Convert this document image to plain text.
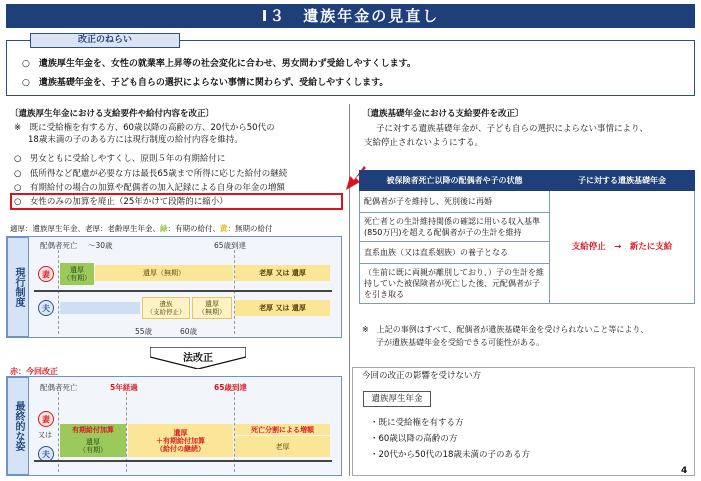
Ⅰ３　遺族年金の見直し
改正のねらい
○　遺族厚生年金を、女性の就業率上昇等の社会変化に合わせ、男女問わず受給しやすくします。
○　遺族基礎年金を、子ども自らの選択によらない事情に関わらず、受給しやすくします。
〔遺族厚生年金における支給要件や給付内容を改正〕
※　既に受給権を有する方、60歳以降の高齢の方、20代から50代の
18歳未満の子のある方には現行制度の給付内容を維持。
○　男女ともに受給しやすくし、原則５年の有期給付に
○　低所得など配慮が必要な方は最長65歳まで所得に応じた給付の継続
○　有期給付の場合の加算や配偶者の加入記録による自身の年金の増額
○　女性のみの加算を廃止（25年かけて段階的に縮小）
適厚：遺族厚生年金、老厚：老齢厚生年金、緑：有期の給付、黄：無期の給付
現行制度
配偶者死亡 ～30歳	65歳到達
妻	遺厚
（有期）
遺厚（無期）	老厚 又は 遺厚
夫	遺族
（支給停止）
遺厚
（無期）	老厚 又は 遺厚
55歳	60歳
法改正
赤：今回改正
最終的な姿
配偶者死亡	5年経過	65歳到達
妻
又は
夫
有期給付加算
遺厚
（有期）
遺厚
＋有期給付加算
（給付の継続）
死亡分割による増額
老厚
〔遺族基礎年金における支給要件を改正〕
子に対する遺族基礎年金が、子ども自らの選択によらない事情により、
支給停止されないようにする。
被保険者死亡以降の配偶者や子の状態	子に対する遺族基礎年金
配偶者が子を維持し、死別後に再婚	支給停止　→　新たに支給
死亡者との生計維持関係の確認に用いる収入基準(850万円)を超える配偶者が子の生計を維持	
直系血族（又は直系姻族）の養子となる	
（生前に既に両親が離別しており、）子の生計を維持していた被保険者が死亡した後、元配偶者が子を引き取る	
※　上記の事例はすべて、配偶者が遺族基礎年金を受けられないこと等により、
子が遺族基礎年金を受給できる可能性がある。
今回の改正の影響を受けない方
遺族厚生年金
・既に受給権を有する方
・60歳以降の高齢の方
・20代から50代の18歳未満の子のある方
4
